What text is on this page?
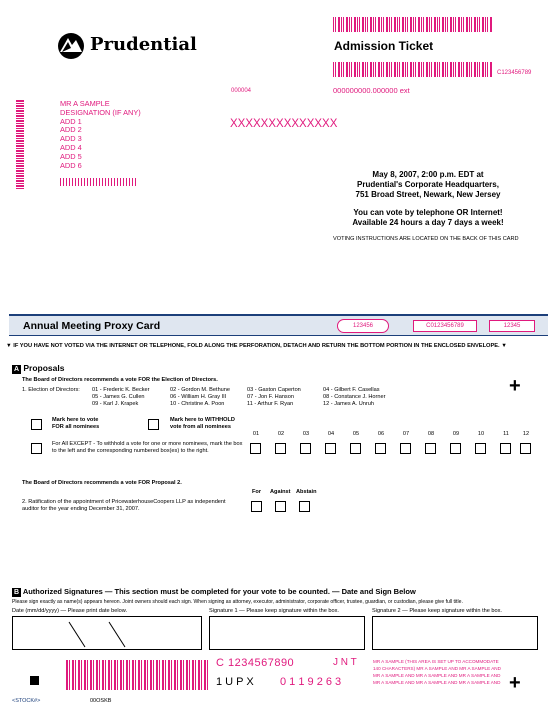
Prudential	Admission Ticket
C123456789
000000000.000000 ext
000004
MR A SAMPLE
DESIGNATION (IF ANY)
ADD 1
ADD 2
ADD 3
ADD 4
ADD 5
ADD 6
XXXXXXXXXXXXXX
May 8, 2007, 2:00 p.m. EDT at
Prudential's Corporate Headquarters,
751 Broad Street, Newark, New Jersey
You can vote by telephone OR Internet!
Available 24 hours a day 7 days a week!
VOTING INSTRUCTIONS ARE LOCATED ON THE BACK OF THIS CARD
Annual Meeting Proxy Card	123456	C0123456789	12345
▼ IF YOU HAVE NOT VOTED VIA THE INTERNET OR TELEPHONE, FOLD ALONG THE PERFORATION, DETACH AND RETURN THE BOTTOM PORTION IN THE ENCLOSED ENVELOPE. ▼
A Proposals
The Board of Directors recommends a vote FOR the Election of Directors.
1. Election of Directors: 01 - Frederic K. Becker
05 - James G. Cullen
09 - Karl J. Krapek
02 - Gordon M. Bethune
06 - William H. Gray III
10 - Christine A. Poon
03 - Gaston Caperton
07 - Jon F. Hanson
11 - Arthur F. Ryan
04 - Gilbert F. Casellas
08 - Constance J. Horner
12 - James A. Unruh
+
Mark here to vote
FOR all nominees
Mark here to WITHHOLD
vote from all nominees
For All EXCEPT - To withhold a vote for one or more nominees, mark the box to the left and the corresponding numbered box(es) to the right.
01	02	03	04	05	06	07	08	09	10	11	12
The Board of Directors recommends a vote FOR Proposal 2.
For Against Abstain
2. Ratification of the appointment of PricewaterhouseCoopers LLP as independent auditor for the year ending December 31, 2007.
B Authorized Signatures — This section must be completed for your vote to be counted. — Date and Sign Below
Please sign exactly as name(s) appears hereon. Joint owners should each sign. When signing as attorney, executor, administrator, corporate officer, trustee, guardian, or custodian, please give full title.
Date (mm/dd/yyyy) — Please print date below.	Signature 1 — Please keep signature within the box.	Signature 2 — Please keep signature within the box.
C 1234567890	J N T
1 U P X 0 1 1 9 2 6 3
MR A SAMPLE (THIS AREA IS SET UP TO ACCOMMODATE 140 CHARACTERS) MR A SAMPLE AND MR A SAMPLE AND MR A SAMPLE AND MR A SAMPLE AND MR A SAMPLE AND MR A SAMPLE AND MR A SAMPLE AND MR A SAMPLE AND +
<STOCK#>	00OSKB
